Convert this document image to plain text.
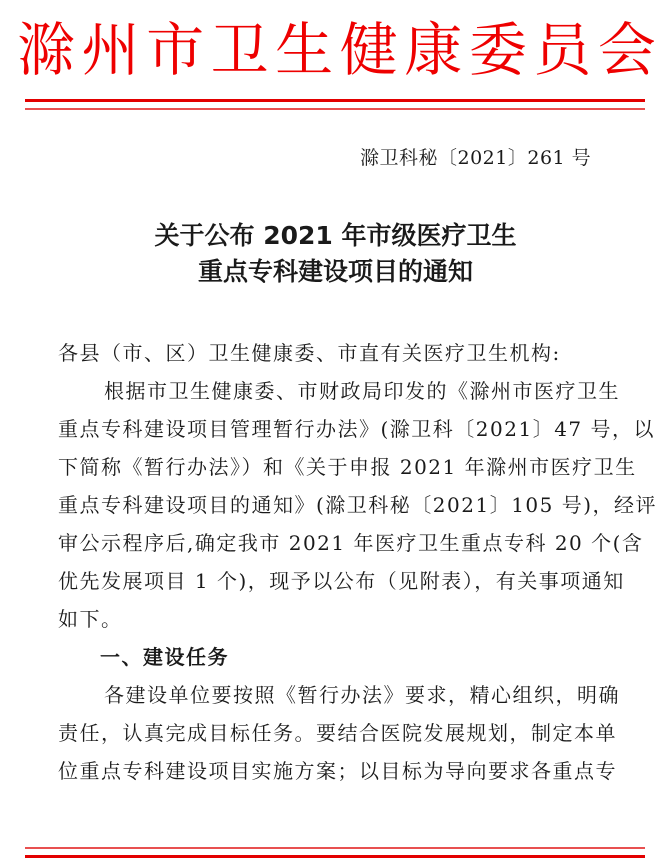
滁 州 市 卫 生 健 康 委 员 会
滁卫科秘〔2021〕261 号
关于公布 2021 年市级医疗卫生
重点专科建设项目的通知
各县（市、区）卫生健康委、市直有关医疗卫生机构:
根据市卫生健康委、市财政局印发的《滁州市医疗卫生
重点专科建设项目管理暂行办法》(滁卫科〔2021〕47 号，以
下简称《暂行办法》）和《关于申报 2021 年滁州市医疗卫生
重点专科建设项目的通知》(滁卫科秘〔2021〕105 号)，经评
审公示程序后,确定我市 2021 年医疗卫生重点专科 20 个(含
优先发展项目 1 个)，现予以公布（见附表），有关事项通知
如下。
一、建设任务
各建设单位要按照《暂行办法》要求，精心组织，明确
责任，认真完成目标任务。要结合医院发展规划，制定本单
位重点专科建设项目实施方案；以目标为导向要求各重点专
